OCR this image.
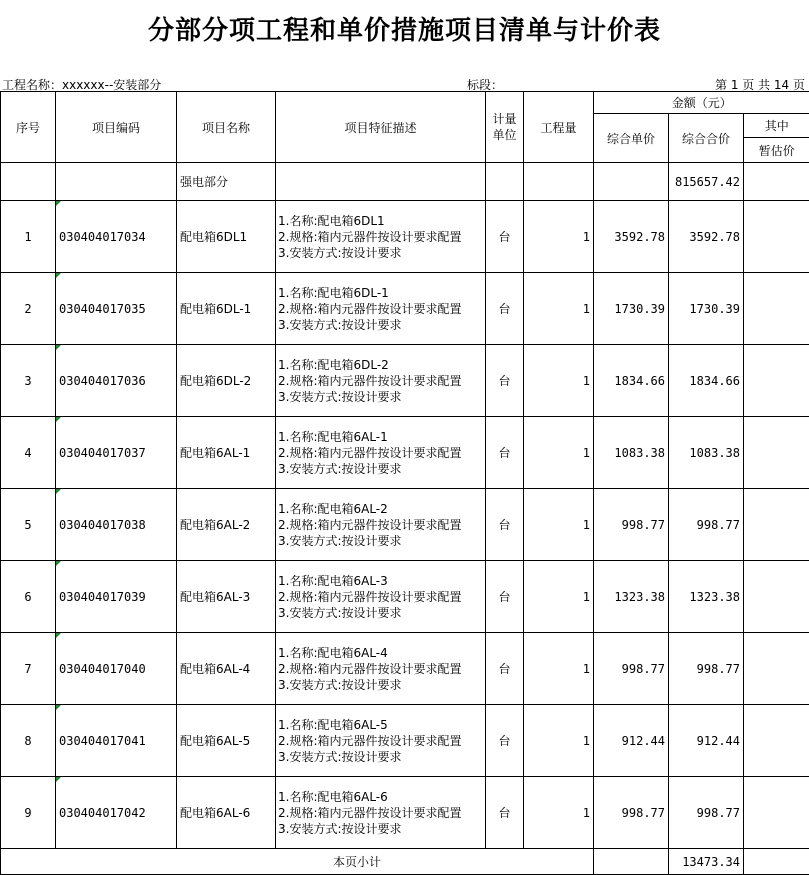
分部分项工程和单价措施项目清单与计价表
工程名称：xxxxxx--安装部分	标段：	第 1 页 共 14 页
序号	项目编码	项目名称	项目特征描述	计量
单位	工程量	金额（元）		
						综合单价	综合合价	其中
								暂估价
		强电部分					815657.42	
1	030404017034	配电箱6DL1	1.名称:配电箱6DL1
2.规格:箱内元器件按设计要求配置
3.安装方式:按设计要求	台	1	3592.78	3592.78	
2	030404017035	配电箱6DL-1	1.名称:配电箱6DL-1
2.规格:箱内元器件按设计要求配置
3.安装方式:按设计要求	台	1	1730.39	1730.39	
3	030404017036	配电箱6DL-2	1.名称:配电箱6DL-2
2.规格:箱内元器件按设计要求配置
3.安装方式:按设计要求	台	1	1834.66	1834.66	
4	030404017037	配电箱6AL-1	1.名称:配电箱6AL-1
2.规格:箱内元器件按设计要求配置
3.安装方式:按设计要求	台	1	1083.38	1083.38	
5	030404017038	配电箱6AL-2	1.名称:配电箱6AL-2
2.规格:箱内元器件按设计要求配置
3.安装方式:按设计要求	台	1	998.77	998.77	
6	030404017039	配电箱6AL-3	1.名称:配电箱6AL-3
2.规格:箱内元器件按设计要求配置
3.安装方式:按设计要求	台	1	1323.38	1323.38	
7	030404017040	配电箱6AL-4	1.名称:配电箱6AL-4
2.规格:箱内元器件按设计要求配置
3.安装方式:按设计要求	台	1	998.77	998.77	
8	030404017041	配电箱6AL-5	1.名称:配电箱6AL-5
2.规格:箱内元器件按设计要求配置
3.安装方式:按设计要求	台	1	912.44	912.44	
9	030404017042	配电箱6AL-6	1.名称:配电箱6AL-6
2.规格:箱内元器件按设计要求配置
3.安装方式:按设计要求	台	1	998.77	998.77	
本页小计							13473.34	
